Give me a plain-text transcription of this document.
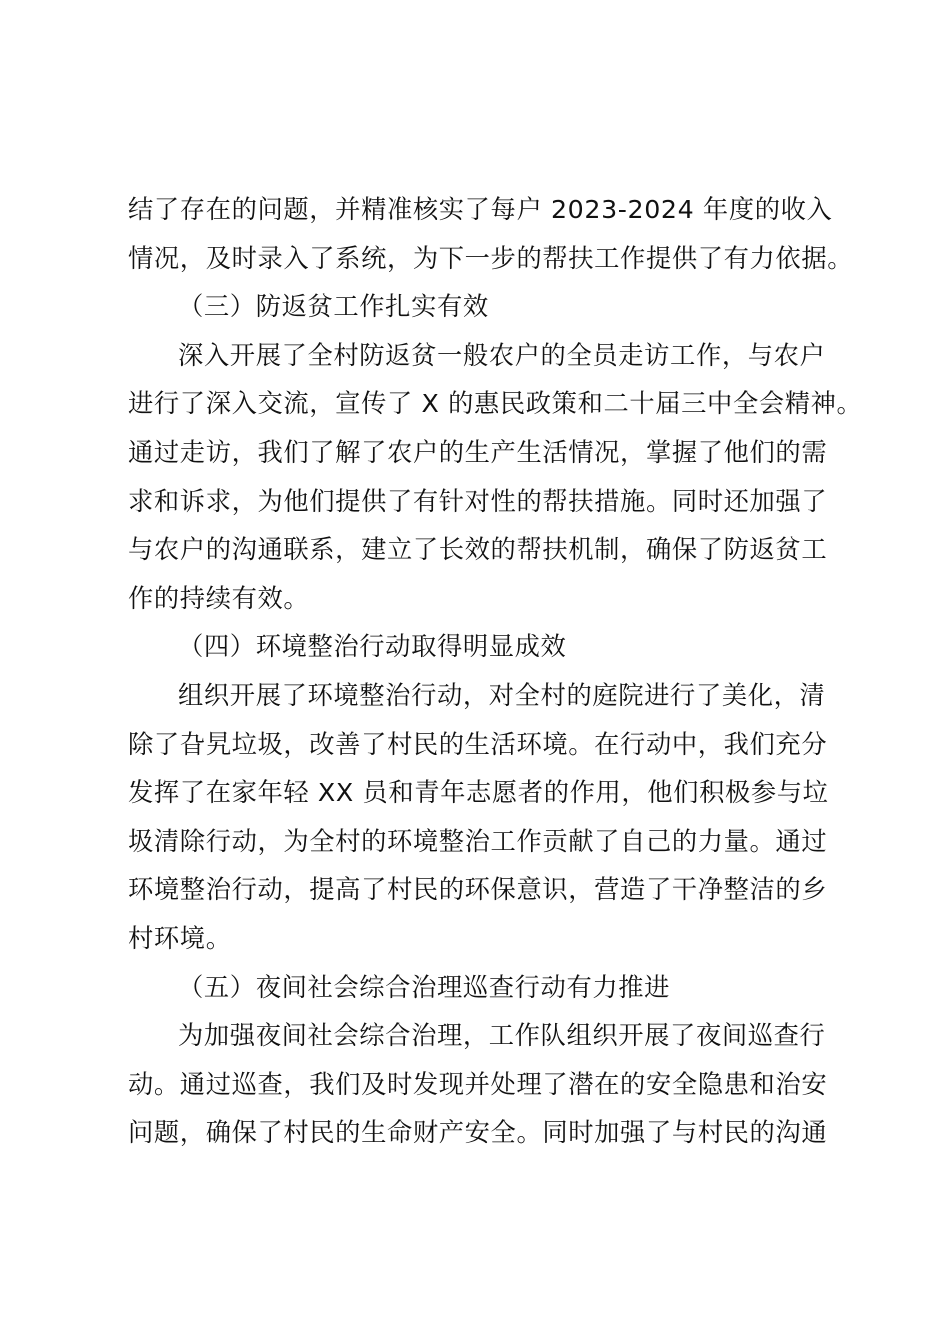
结了存在的问题，并精准核实了每户 2023-2024 年度的收入
情况，及时录入了系统，为下一步的帮扶工作提供了有力依据。
（三）防返贫工作扎实有效
深入开展了全村防返贫一般农户的全员走访工作，与农户
进行了深入交流，宣传了 X 的惠民政策和二十届三中全会精神。
通过走访，我们了解了农户的生产生活情况，掌握了他们的需
求和诉求，为他们提供了有针对性的帮扶措施。同时还加强了
与农户的沟通联系，建立了长效的帮扶机制，确保了防返贫工
作的持续有效。
（四）环境整治行动取得明显成效
组织开展了环境整治行动，对全村的庭院进行了美化，清
除了旮旯垃圾，改善了村民的生活环境。在行动中，我们充分
发挥了在家年轻 XX 员和青年志愿者的作用，他们积极参与垃
圾清除行动，为全村的环境整治工作贡献了自己的力量。通过
环境整治行动，提高了村民的环保意识，营造了干净整洁的乡
村环境。
（五）夜间社会综合治理巡查行动有力推进
为加强夜间社会综合治理，工作队组织开展了夜间巡查行
动。通过巡查，我们及时发现并处理了潜在的安全隐患和治安
问题，确保了村民的生命财产安全。同时加强了与村民的沟通
